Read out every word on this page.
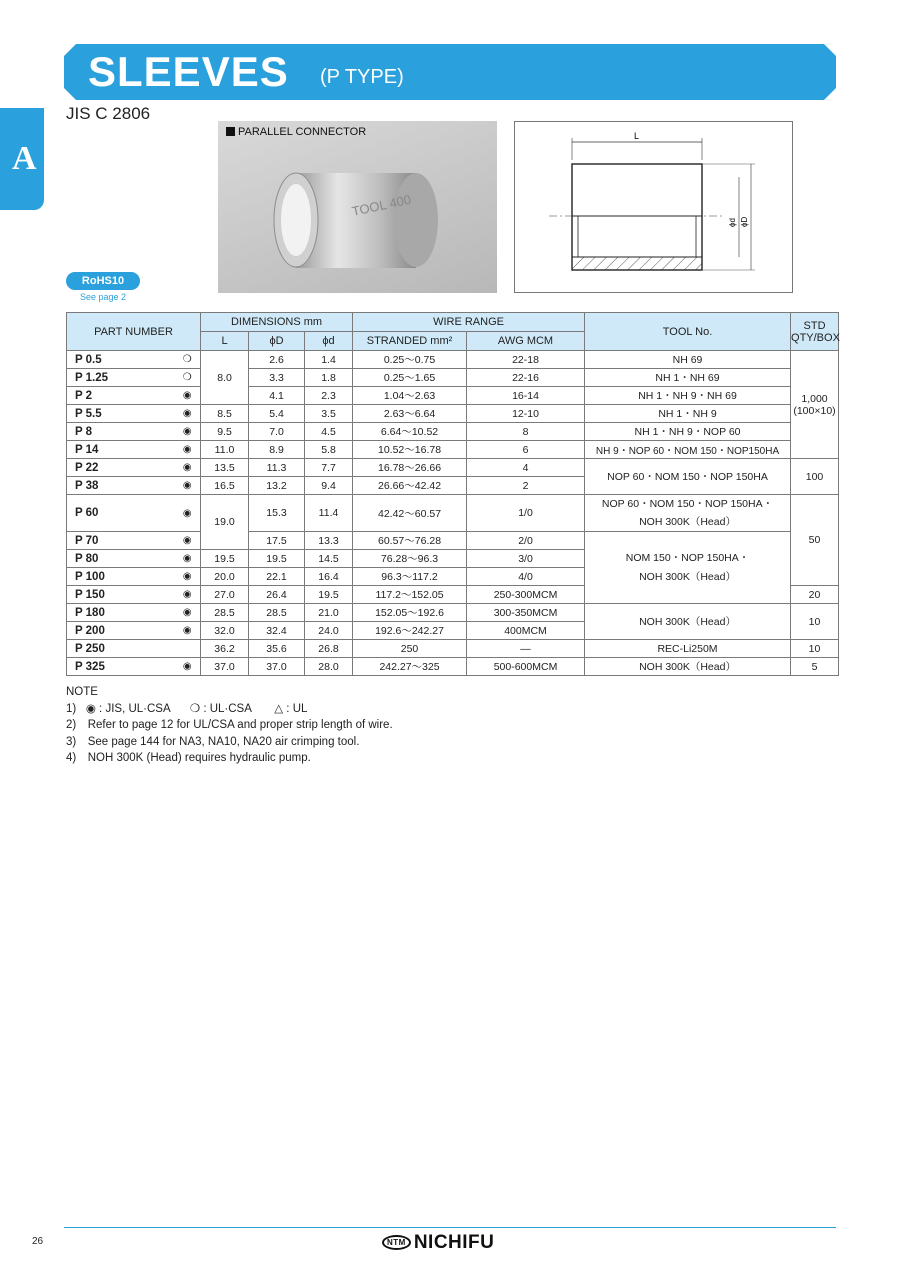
SLEEVES (P TYPE)
JIS C 2806
A
TOOL 400
PARALLEL CONNECTOR	L
ϕd ϕD
RoHS10
See page 2
PART NUMBER		DIMENSIONS mm			WIRE RANGE		TOOL No.	STD
QTY/BOX
		L	ϕD	ϕd	STRANDED mm²	AWG MCM		
P 0.5	❍	8.0	2.6	1.4	0.25～0.75	22-18	NH 69	1,000
(100×10)
P 1.25	❍		3.3	1.8	0.25～1.65	22-16	NH 1・NH 69	
P 2	◉		4.1	2.3	1.04～2.63	16-14	NH 1・NH 9・NH 69	
P 5.5	◉	8.5	5.4	3.5	2.63～6.64	12-10	NH 1・NH 9	
P 8	◉	9.5	7.0	4.5	6.64～10.52	8	NH 1・NH 9・NOP 60	
P 14	◉	11.0	8.9	5.8	10.52～16.78	6	NH 9・NOP 60・NOM 150・NOP150HA	
P 22	◉	13.5	11.3	7.7	16.78～26.66	4	NOP 60・NOM 150・NOP 150HA	100
P 38	◉	16.5	13.2	9.4	26.66～42.42	2		
P 60	◉	19.0	15.3	11.4	42.42～60.57	1/0	NOP 60・NOM 150・NOP 150HA・
NOH 300K（Head）	50
P 70	◉		17.5	13.3	60.57～76.28	2/0	NOM 150・NOP 150HA・
NOH 300K（Head）	
P 80	◉	19.5	19.5	14.5	76.28～96.3	3/0		
P 100	◉	20.0	22.1	16.4	96.3～117.2	4/0		
P 150	◉	27.0	26.4	19.5	117.2～152.05	250-300MCM		20
P 180	◉	28.5	28.5	21.0	152.05～192.6	300-350MCM	NOH 300K（Head）	10
P 200	◉	32.0	32.4	24.0	192.6～242.27	400MCM		
P 250		36.2	35.6	26.8	250	—	REC-Li250M	10
P 325	◉	37.0	37.0	28.0	242.27～325	500-600MCM	NOH 300K（Head）	5
NOTE
1) ◉ : JIS, UL·CSA ❍ : UL·CSA △ : UL
2)　Refer to page 12 for UL/CSA and proper strip length of wire.
3)　See page 144 for NA3, NA10, NA20 air crimping tool.
4)　NOH 300K (Head) requires hydraulic pump.
26	NTM NICHIFU
